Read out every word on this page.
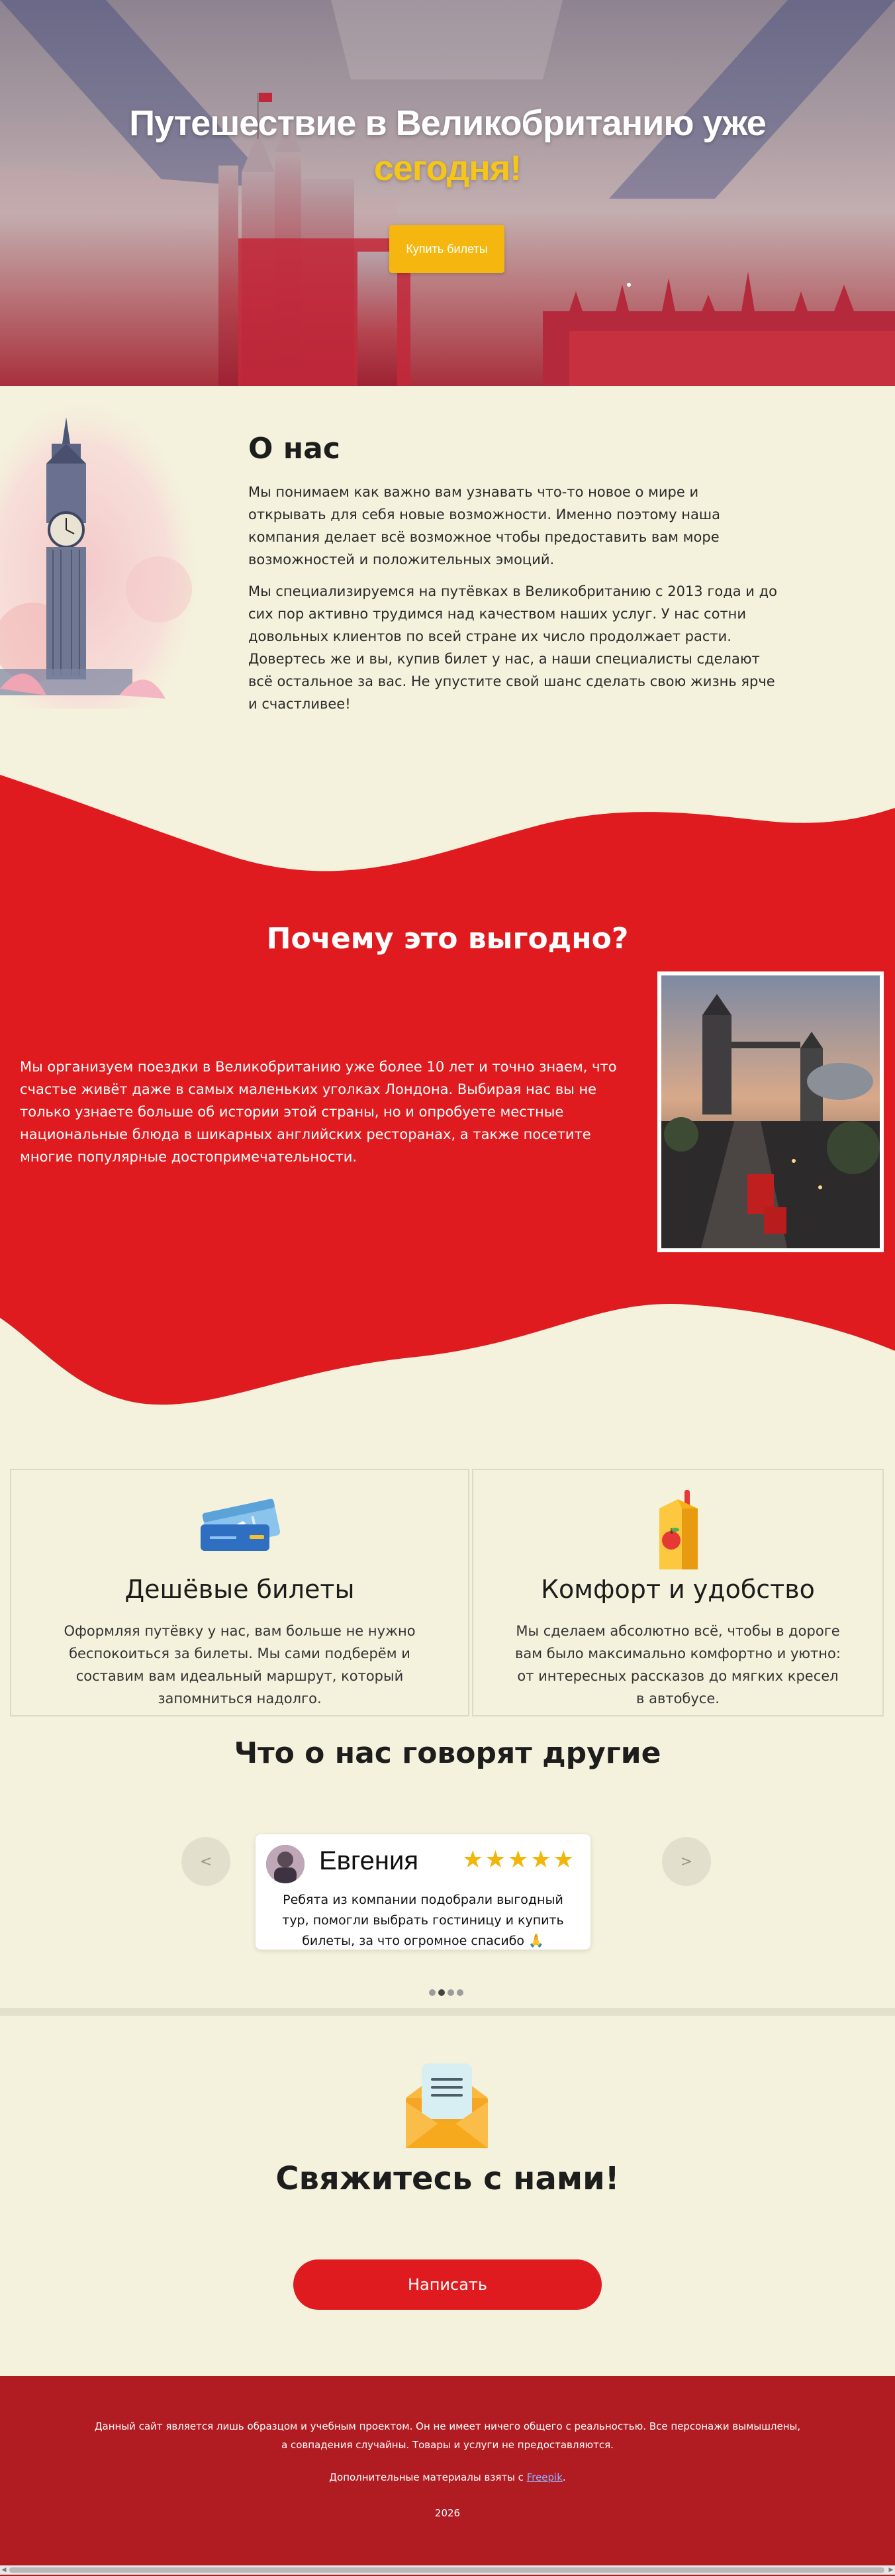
Путешествие в Великобританию уже
сегодня!
Купить билеты
О нас

Мы понимаем как важно вам узнавать что-то новое о мире и открывать для себя новые возможности. Именно поэтому наша компания делает всё возможное чтобы предоставить вам море возможностей и положительных эмоций.

Мы специализируемся на путёвках в Великобританию с 2013 года и до сих пор активно трудимся над качеством наших услуг. У нас сотни довольных клиентов по всей стране их число продолжает расти. Довертесь же и вы, купив билет у нас, а наши специалисты сделают всё остальное за вас. Не упустите свой шанс сделать свою жизнь ярче и счастливее!

Почему это выгодно?

Мы организуем поездки в Великобританию уже более 10 лет и точно знаем, что счастье живёт даже в самых маленьких уголках Лондона. Выбирая нас вы не только узнаете больше об истории этой страны, но и опробуете местные национальные блюда в шикарных английских ресторанах, а также посетите многие популярные достопримечательности.

Дешёвые билеты

Оформляя путёвку у нас, вам больше не нужно беспокоиться за билеты. Мы сами подберём и составим вам идеальный маршрут, который запомниться надолго.

Комфорт и удобство

Мы сделаем абсолютно всё, чтобы в дороге вам было максимально комфортно и уютно: от интересных рассказов до мягких кресел в автобусе.

Что о нас говорят другие
<	Евгения ★★★★★

Ребята из компании подобрали выгодный тур, помогли выбрать гостиницу и купить билеты, за что огромное спасибо 🙏

>
Свяжитесь с нами!
Написать
Данный сайт является лишь образцом и учебным проектом. Он не имеет ничего общего с реальностью. Все персонажи вымышлены,
а совпадения случайны. Товары и услуги не предоставляются.
Дополнительные материалы взяты с Freepik.
2026
◀	▶
